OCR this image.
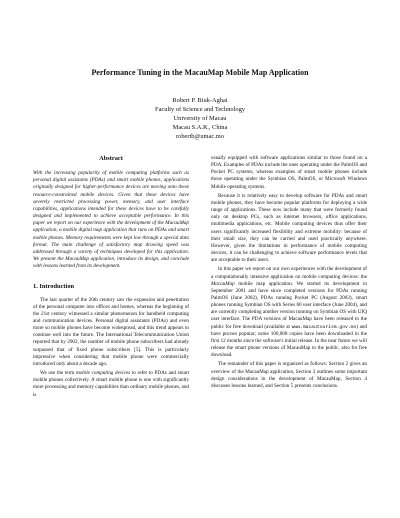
Performance Tuning in the MacauMap Mobile Map Application
Robert P. Biuk-Aghai
Faculty of Science and Technology
University of Macau
Macau S.A.R., China
robertb@umac.mo
Abstract

With the increasing popularity of mobile computing platforms such as personal digital assistants (PDAs) and smart mobile phones, applications originally designed for higher-performance devices are moving onto these resource-constrained mobile devices. Given that these devices have severely restricted processing power, memory, and user interface capabilities, applications intended for these devices have to be carefully designed and implemented to achieve acceptable performance. In this paper we report on our experience with the development of the MacauMap application, a mobile digital map application that runs on PDAs and smart mobile phones. Memory requirements were kept low through a special data format. The main challenge of satisfactory map drawing speed was addressed through a variety of techniques developed for this application. We present the MacauMap application, introduce its design, and conclude with lessons learned from its development.

1. Introduction

The last quarter of the 20th century saw the expansion and penetration of the personal computer into offices and homes, whereas the beginning of the 21st century witnessed a similar phenomenon for handheld computing and communication devices. Personal digital assistants (PDAs) and even more so mobile phones have become widespread, and this trend appears to continue well into the future. The International Telecommunication Union reported that by 2002, the number of mobile phone subscribers had already surpassed that of fixed phone subscribers [5]. This is particularly impressive when considering that mobile phone were commercially introduced only about a decade ago.

We use the term mobile computing devices to refer to PDAs and smart mobile phones collectively. A smart mobile phone is one with significantly more processing and memory capabilities than ordinary mobile phones, and is

usually equipped with software applications similar to those found on a PDA. Examples of PDAs include the ones operating under the PalmOS and Pocket PC systems, whereas examples of smart mobile phones include those operating under the Symbian OS, PalmOS, or Microsoft Windows Mobile operating systems.

Because it is relatively easy to develop software for PDAs and smart mobile phones, they have become popular platforms for deploying a wide range of applications. These now include many that were formerly found only on desktop PCs, such as internet browsers, office applications, multimedia applications, etc. Mobile computing devices thus offer their users significantly increased flexibility and extreme mobility: because of their small size, they can be carried and used practically anywhere. However, given the limitations in performance of mobile computing devices, it can be challenging to achieve software performance levels that are acceptable to their users.

In this paper we report on our own experiences with the development of a computationally intensive application on mobile computing devices: the MacauMap mobile map application. We started its development in September 2001 and have since completed versions for PDAs running PalmOS (June 2002), PDAs running Pocket PC (August 2003), smart phones running Symbian OS with Series 60 user interface (June 2004), and are currently completing another version running on Symbian OS with UIQ user interface. The PDA versions of MacauMap have been released to the public for free download (available at www.macautourism.gov.mo) and have proven popular; some 100,000 copies have been downloaded in the first 12 months since the software's initial release. In the near future we will release the smart phone versions of MacauMap to the public, also for free download.

The remainder of this paper is organized as follows: Section 2 gives an overview of the MacauMap application, Section 3 outlines some important design considerations in the development of MacauMap, Section 4 discusses lessons learned, and Section 5 presents conclusions.
